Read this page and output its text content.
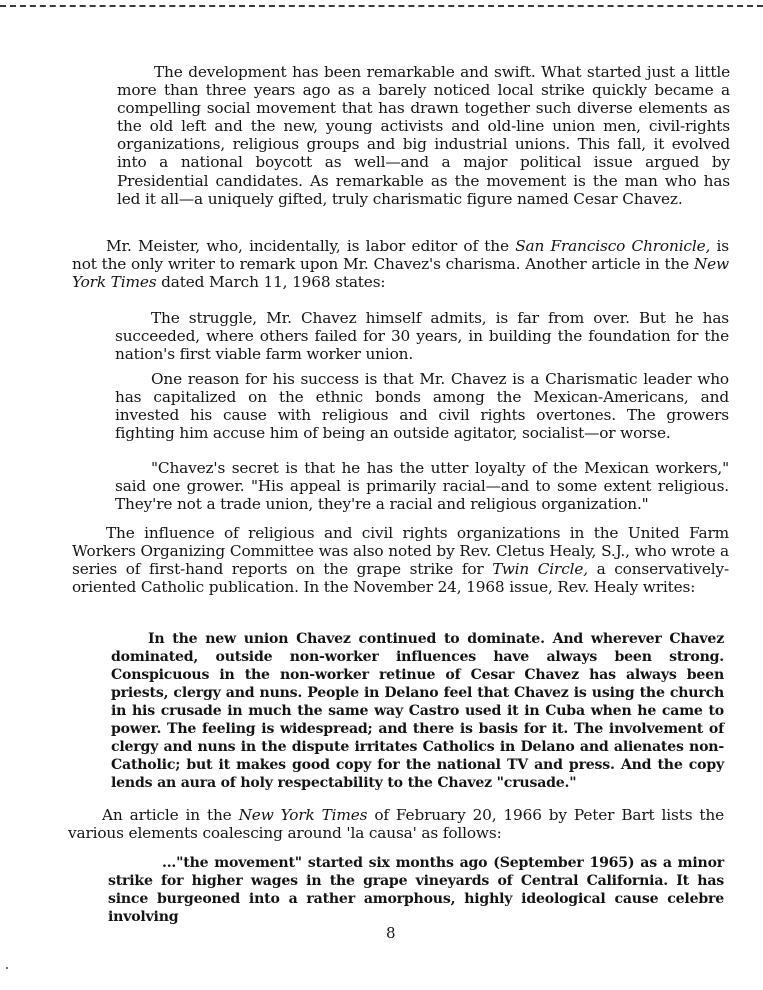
The development has been remarkable and swift. What started just a little more than three years ago as a barely noticed local strike quickly became a compelling social movement that has drawn together such diverse elements as the old left and the new, young activists and old-line union men, civil-rights organizations, religious groups and big industrial unions. This fall, it evolved into a national boycott as well—and a major political issue argued by Presidential candidates. As remarkable as the movement is the man who has led it all—a uniquely gifted, truly charismatic figure named Cesar Chavez.

Mr. Meister, who, incidentally, is labor editor of the San Francisco Chronicle, is not the only writer to remark upon Mr. Chavez's charisma. Another article in the New York Times dated March 11, 1968 states:

The struggle, Mr. Chavez himself admits, is far from over. But he has succeeded, where others failed for 30 years, in building the foundation for the nation's first viable farm worker union.

One reason for his success is that Mr. Chavez is a Charismatic leader who has capitalized on the ethnic bonds among the Mexican-Americans, and invested his cause with religious and civil rights overtones. The growers fighting him accuse him of being an outside agitator, socialist—or worse.

"Chavez's secret is that he has the utter loyalty of the Mexican workers," said one grower. "His appeal is primarily racial—and to some extent religious. They're not a trade union, they're a racial and religious organization."

The influence of religious and civil rights organizations in the United Farm Workers Organizing Committee was also noted by Rev. Cletus Healy, S.J., who wrote a series of first-hand reports on the grape strike for Twin Circle, a conservatively-oriented Catholic publication. In the November 24, 1968 issue, Rev. Healy writes:

In the new union Chavez continued to dominate. And wherever Chavez dominated, outside non-worker influences have always been strong. Conspicuous in the non-worker retinue of Cesar Chavez has always been priests, clergy and nuns. People in Delano feel that Chavez is using the church in his crusade in much the same way Castro used it in Cuba when he came to power. The feeling is widespread; and there is basis for it. The involvement of clergy and nuns in the dispute irritates Catholics in Delano and alienates non-Catholic; but it makes good copy for the national TV and press. And the copy lends an aura of holy respectability to the Chavez "crusade."

An article in the New York Times of February 20, 1966 by Peter Bart lists the various elements coalescing around 'la causa' as follows:

..."the movement" started six months ago (September 1965) as a minor strike for higher wages in the grape vineyards of Central California. It has since burgeoned into a rather amorphous, highly ideological cause celebre involving

8
